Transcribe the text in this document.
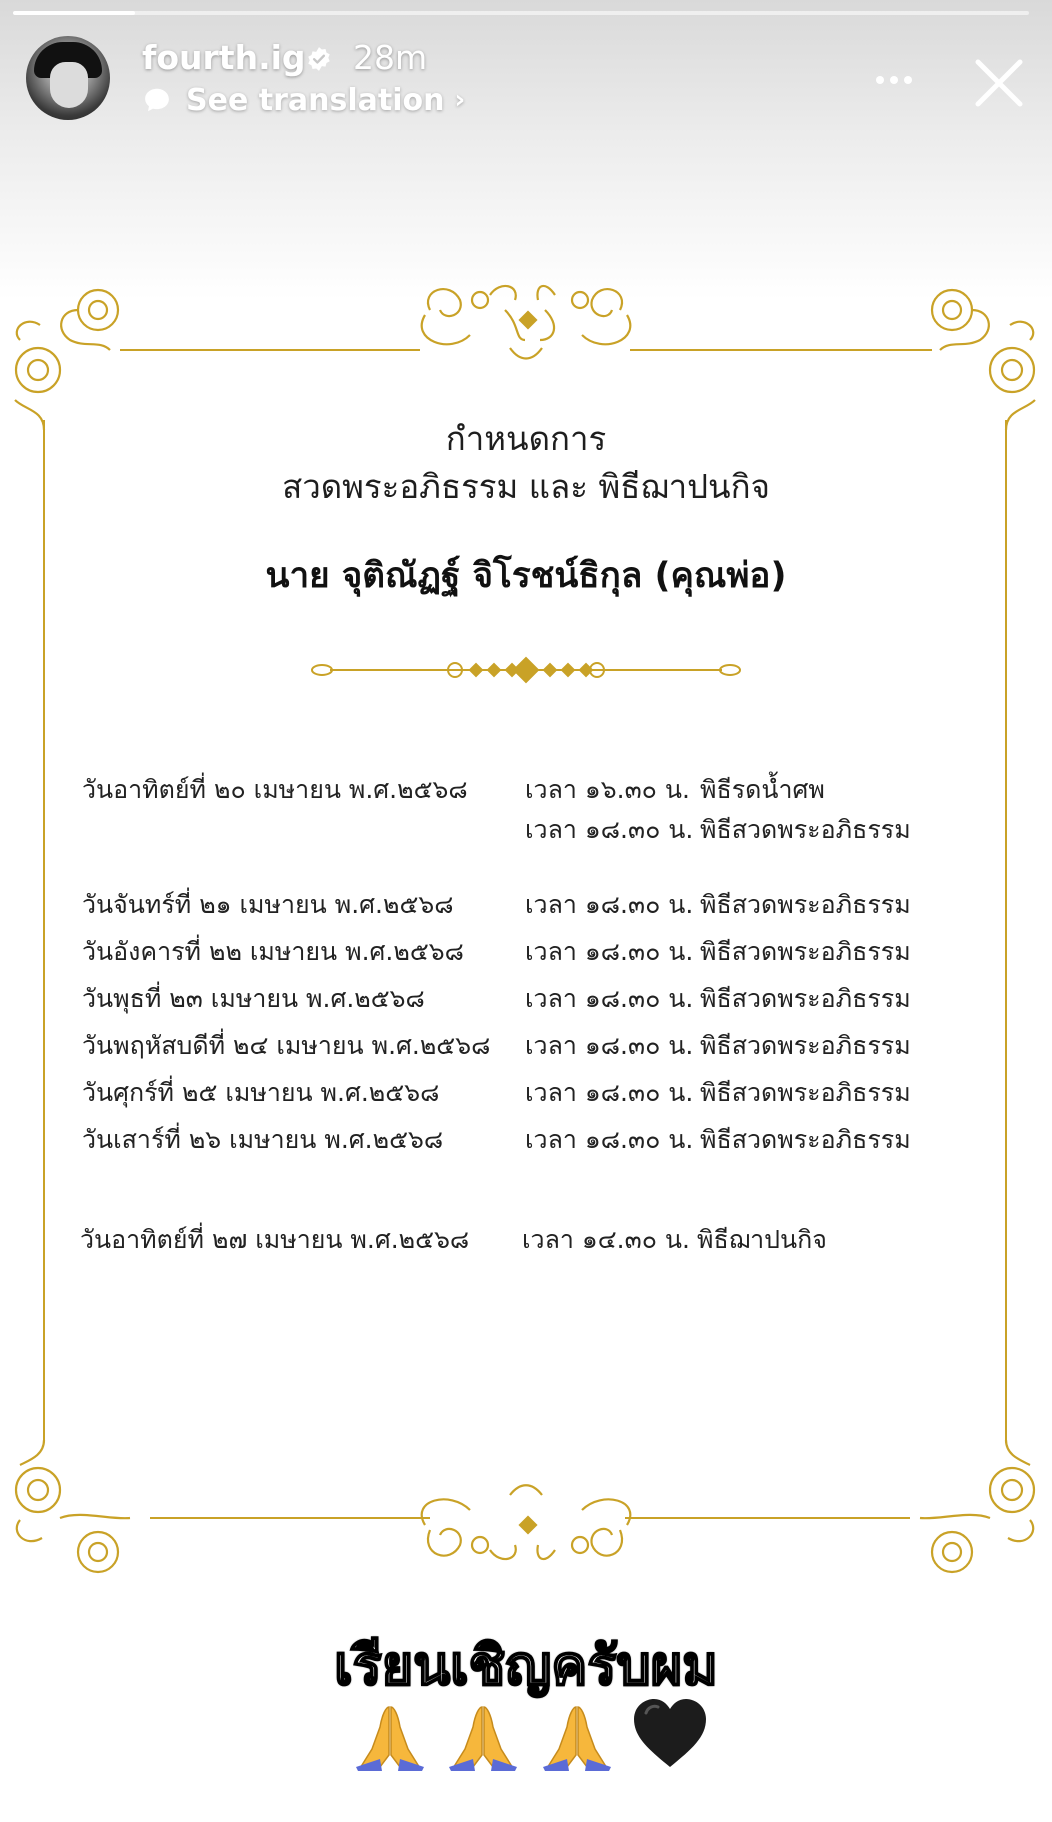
fourth.ig 28m
See translation ›
กำหนดการ
สวดพระอภิธรรม และ พิธีฌาปนกิจ
นาย จุติณัฏฐ์ จิโรชน์ธิกุล (คุณพ่อ)
วันอาทิตย์ที่ ๒๐ เมษายน พ.ศ.๒๕๖๘ เวลา ๑๖.๓๐ น. พิธีรดน้ำศพ
เวลา ๑๘.๓๐ น. พิธีสวดพระอภิธรรม
วันจันทร์ที่ ๒๑ เมษายน พ.ศ.๒๕๖๘	เวลา ๑๘.๓๐ น. พิธีสวดพระอภิธรรม
วันอังคารที่ ๒๒ เมษายน พ.ศ.๒๕๖๘ เวลา ๑๘.๓๐ น. พิธีสวดพระอภิธรรม
วันพุธที่ ๒๓ เมษายน พ.ศ.๒๕๖๘	เวลา ๑๘.๓๐ น. พิธีสวดพระอภิธรรม
วันพฤหัสบดีที่ ๒๔ เมษายน พ.ศ.๒๕๖๘ เวลา ๑๘.๓๐ น. พิธีสวดพระอภิธรรม
วันศุกร์ที่ ๒๕ เมษายน พ.ศ.๒๕๖๘	เวลา ๑๘.๓๐ น. พิธีสวดพระอภิธรรม
วันเสาร์ที่ ๒๖ เมษายน พ.ศ.๒๕๖๘	เวลา ๑๘.๓๐ น. พิธีสวดพระอภิธรรม
วันอาทิตย์ที่ ๒๗ เมษายน พ.ศ.๒๕๖๘ เวลา ๑๔.๓๐ น. พิธีฌาปนกิจ
เรียนเชิญครับผม
